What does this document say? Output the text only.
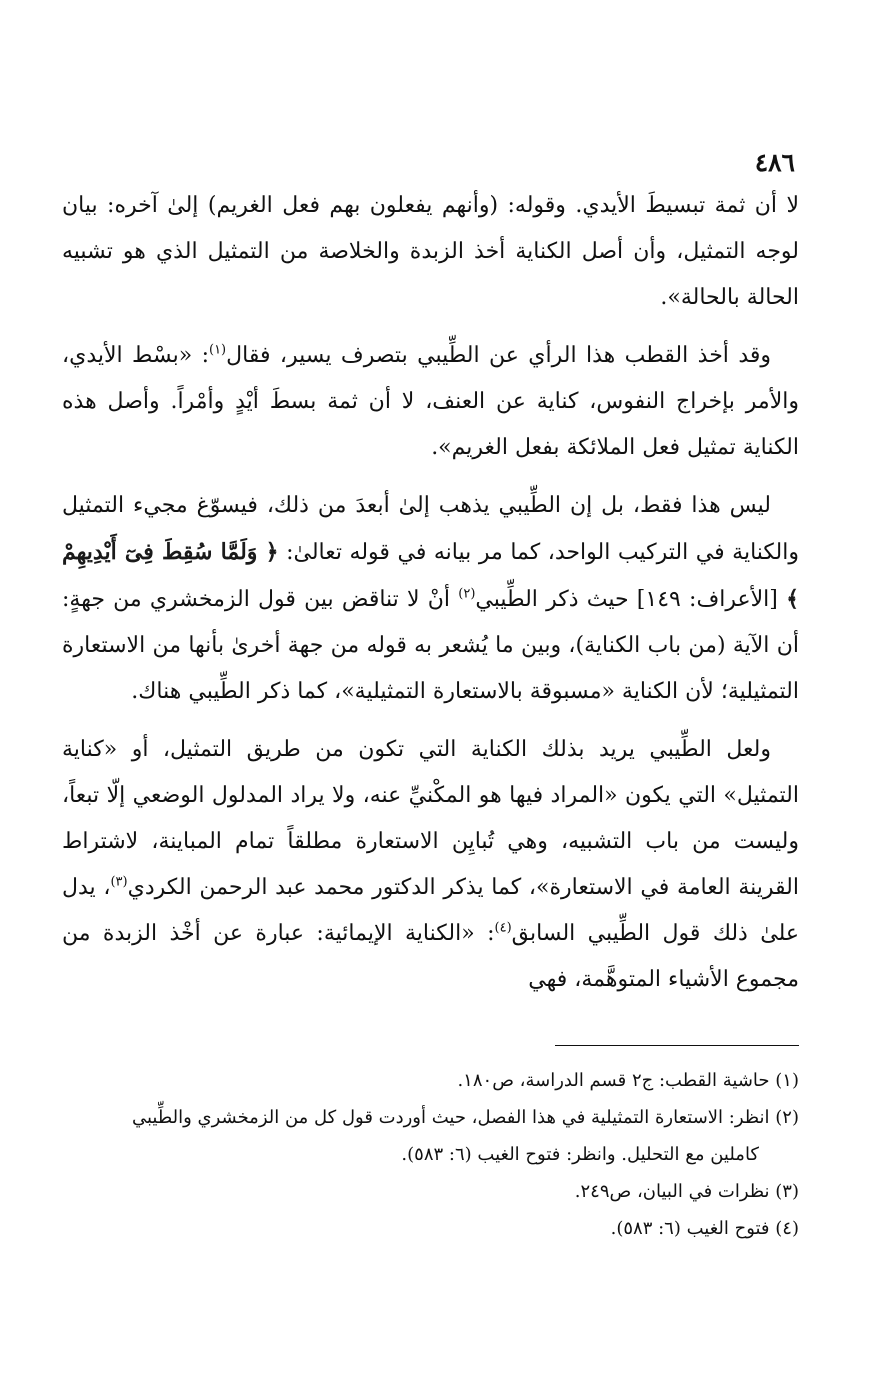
٤٨٦

لا أن ثمة تبسيطَ الأيدي. وقوله: (وأنهم يفعلون بهم فعل الغريم) إلىٰ آخره: بيان لوجه التمثيل، وأن أصل الكناية أخذ الزبدة والخلاصة من التمثيل الذي هو تشبيه الحالة بالحالة».

وقد أخذ القطب هذا الرأي عن الطِّيبي بتصرف يسير، فقال$^{(١)}$: «بسْط الأيدي، والأمر بإخراج النفوس، كناية عن العنف، لا أن ثمة بسطَ أيْدٍ وأمْراً. وأصل هذه الكناية تمثيل فعل الملائكة بفعل الغريم».

ليس هذا فقط، بل إن الطِّيبي يذهب إلىٰ أبعدَ من ذلك، فيسوّغ مجيء التمثيل والكناية في التركيب الواحد، كما مر بيانه في قوله تعالىٰ: ﴿ وَلَمَّا سُقِطَ فِىٓ أَيْدِيهِمْ ﴾ [الأعراف: ١٤٩] حيث ذكر الطِّيبي$^{(٢)}$ أنْ لا تناقض بين قول الزمخشري من جهةٍ: أن الآية (من باب الكناية)، وبين ما يُشعر به قوله من جهة أخرىٰ بأنها من الاستعارة التمثيلية؛ لأن الكناية «مسبوقة بالاستعارة التمثيلية»، كما ذكر الطِّيبي هناك.

ولعل الطِّيبي يريد بذلك الكناية التي تكون من طريق التمثيل، أو «كناية التمثيل» التي يكون «المراد فيها هو المكْنيِّ عنه، ولا يراد المدلول الوضعي إلّا تبعاً، وليست من باب التشبيه، وهي تُبايِن الاستعارة مطلقاً تمام المباينة، لاشتراط القرينة العامة في الاستعارة»، كما يذكر الدكتور محمد عبد الرحمن الكردي$^{(٣)}$، يدل علىٰ ذلك قول الطِّيبي السابق$^{(٤)}$: «الكناية الإيمائية: عبارة عن أخْذ الزبدة من مجموع الأشياء المتوهَّمة، فهي

(١) حاشية القطب: ج٢ قسم الدراسة، ص١٨٠.
(٢) انظر: الاستعارة التمثيلية في هذا الفصل، حيث أوردت قول كل من الزمخشري والطِّيبي
كاملين مع التحليل. وانظر: فتوح الغيب (٦: ٥٨٣).
(٣) نظرات في البيان، ص٢٤٩.
(٤) فتوح الغيب (٦: ٥٨٣).
